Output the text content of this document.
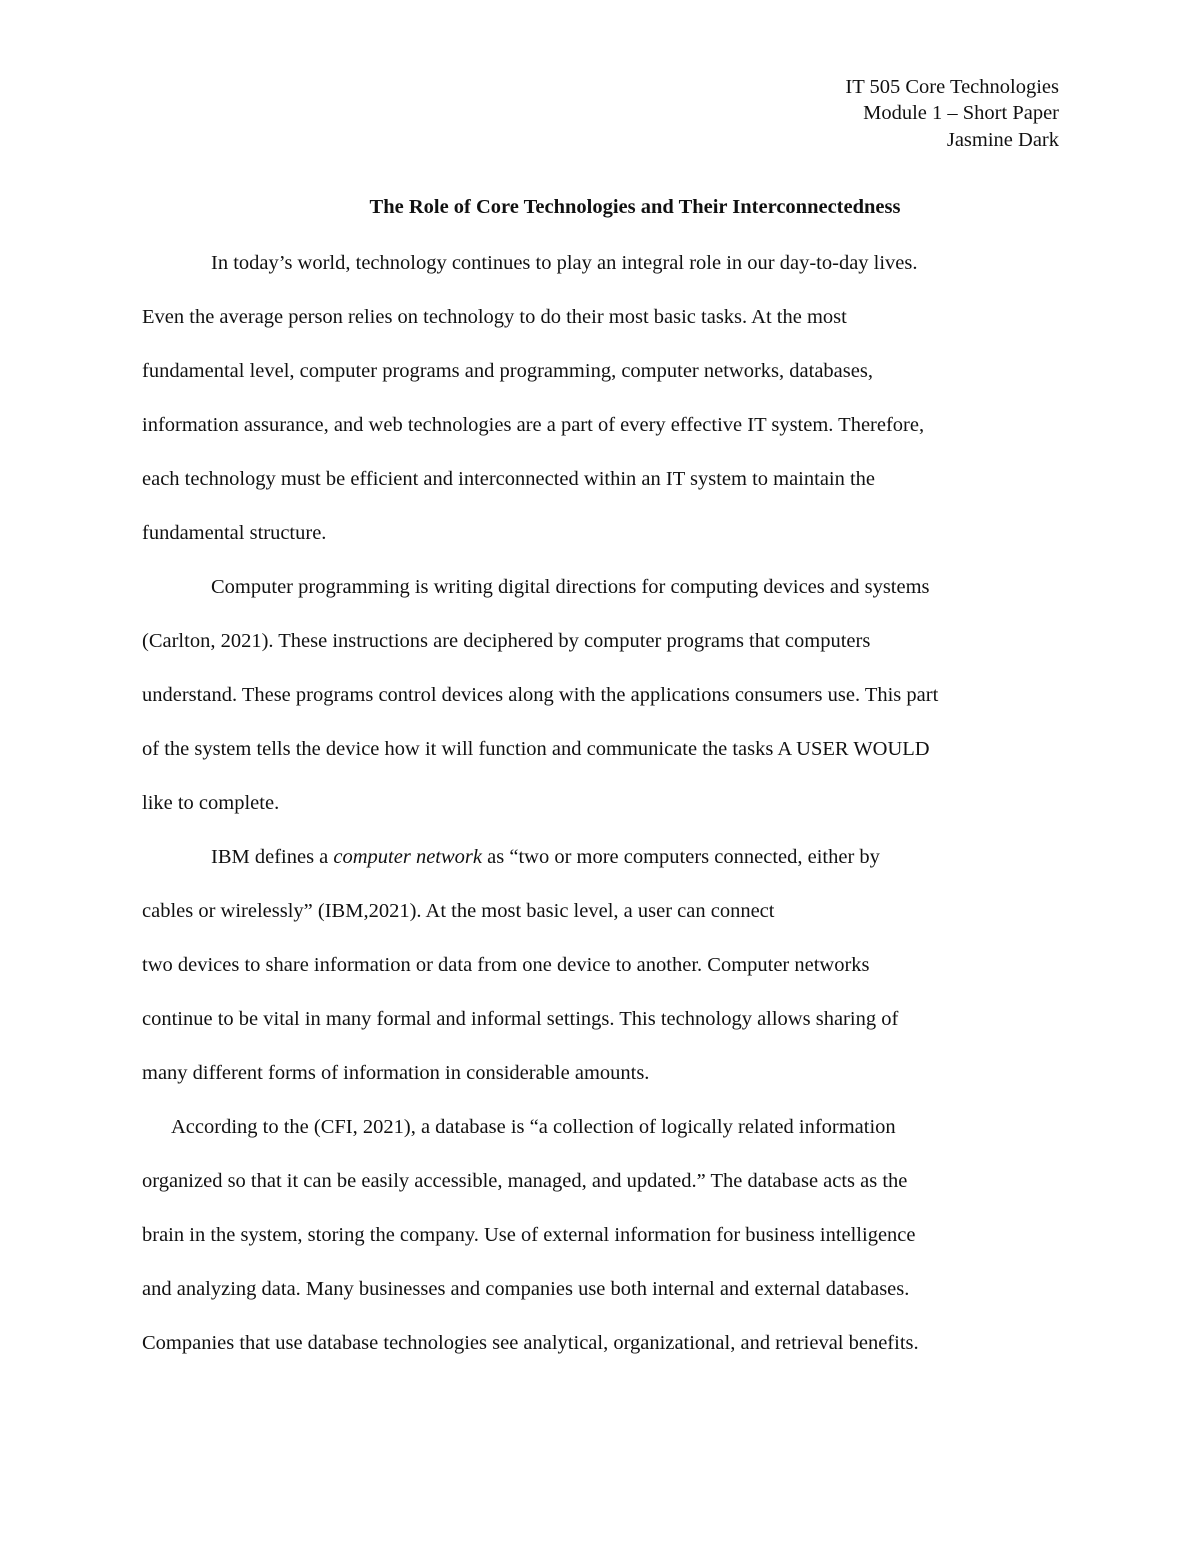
IT 505 Core Technologies
Module 1 – Short Paper
Jasmine Dark
The Role of Core Technologies and Their Interconnectedness
In today’s world, technology continues to play an integral role in our day-to-day lives.
Even the average person relies on technology to do their most basic tasks. At the most
fundamental level, computer programs and programming, computer networks, databases,
information assurance, and web technologies are a part of every effective IT system. Therefore,
each technology must be efficient and interconnected within an IT system to maintain the
fundamental structure.
Computer programming is writing digital directions for computing devices and systems
(Carlton, 2021). These instructions are deciphered by computer programs that computers
understand. These programs control devices along with the applications consumers use. This part
of the system tells the device how it will function and communicate the tasks A USER WOULD
like to complete.
IBM defines a computer network as “two or more computers connected, either by
cables or wirelessly” (IBM,2021). At the most basic level, a user can connect
two devices to share information or data from one device to another. Computer networks
continue to be vital in many formal and informal settings. This technology allows sharing of
many different forms of information in considerable amounts.
According to the (CFI, 2021), a database is “a collection of logically related information
organized so that it can be easily accessible, managed, and updated.” The database acts as the
brain in the system, storing the company. Use of external information for business intelligence
and analyzing data. Many businesses and companies use both internal and external databases.
Companies that use database technologies see analytical, organizational, and retrieval benefits.
